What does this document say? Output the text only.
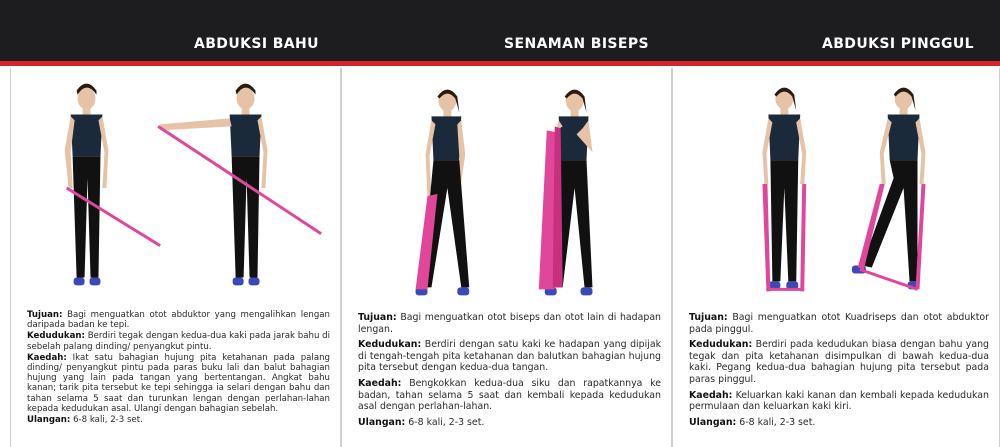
ABDUKSI BAHU	SENAMAN BISEPS	ABDUKSI PINGGUL
Tujuan: Bagi menguatkan otot abduktor yang mengalihkan lengan daripada badan ke tepi.
Kedudukan: Berdiri tegak dengan kedua-dua kaki pada jarak bahu di sebelah palang dinding/ penyangkut pintu.
Kaedah: Ikat satu bahagian hujung pita ketahanan pada palang dinding/ penyangkut pintu pada paras buku lali dan balut bahagian hujung yang lain pada tangan yang bertentangan. Angkat bahu kanan; tarik pita tersebut ke tepi sehingga ia selari dengan bahu dan tahan selama 5 saat dan turunkan lengan dengan perlahan-lahan kepada kedudukan asal. Ulangi dengan bahagian sebelah.
Ulangan: 6-8 kali, 2-3 set.
Tujuan: Bagi menguatkan otot biseps dan otot lain di hadapan lengan.
Kedudukan: Berdiri dengan satu kaki ke hadapan yang dipijak di tengah-tengah pita ketahanan dan balutkan bahagian hujung pita tersebut dengan kedua-dua tangan.
Kaedah: Bengkokkan kedua-dua siku dan rapatkannya ke badan, tahan selama 5 saat dan kembali kepada kedudukan asal dengan perlahan-lahan.
Ulangan: 6-8 kali, 2-3 set.
Tujuan: Bagi menguatkan otot Kuadriseps dan otot abduktor pada pinggul.
Kedudukan: Berdiri pada kedudukan biasa dengan bahu yang tegak dan pita ketahanan disimpulkan di bawah kedua-dua kaki. Pegang kedua-dua bahagian hujung pita tersebut pada paras pinggul.
Kaedah: Keluarkan kaki kanan dan kembali kepada kedudukan permulaan dan keluarkan kaki kiri.
Ulangan: 6-8 kali, 2-3 set.
